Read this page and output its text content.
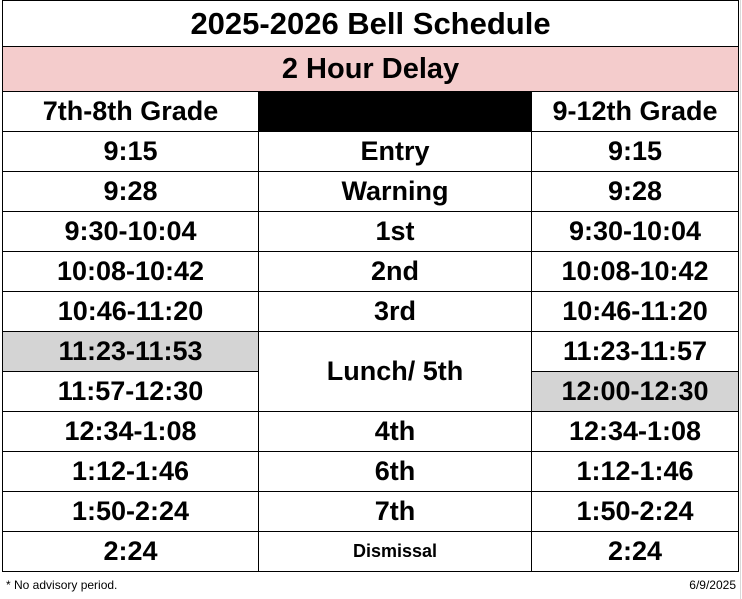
2025-2026 Bell Schedule		
2 Hour Delay		
7th-8th Grade		9-12th Grade
9:15	Entry	9:15
9:28	Warning	9:28
9:30-10:04	1st	9:30-10:04
10:08-10:42	2nd	10:08-10:42
10:46-11:20	3rd	10:46-11:20
11:23-11:53	Lunch/ 5th	11:23-11:57
11:57-12:30		12:00-12:30
12:34-1:08	4th	12:34-1:08
1:12-1:46	6th	1:12-1:46
1:50-2:24	7th	1:50-2:24
2:24	Dismissal	2:24
* No advisory period.	6/9/2025
